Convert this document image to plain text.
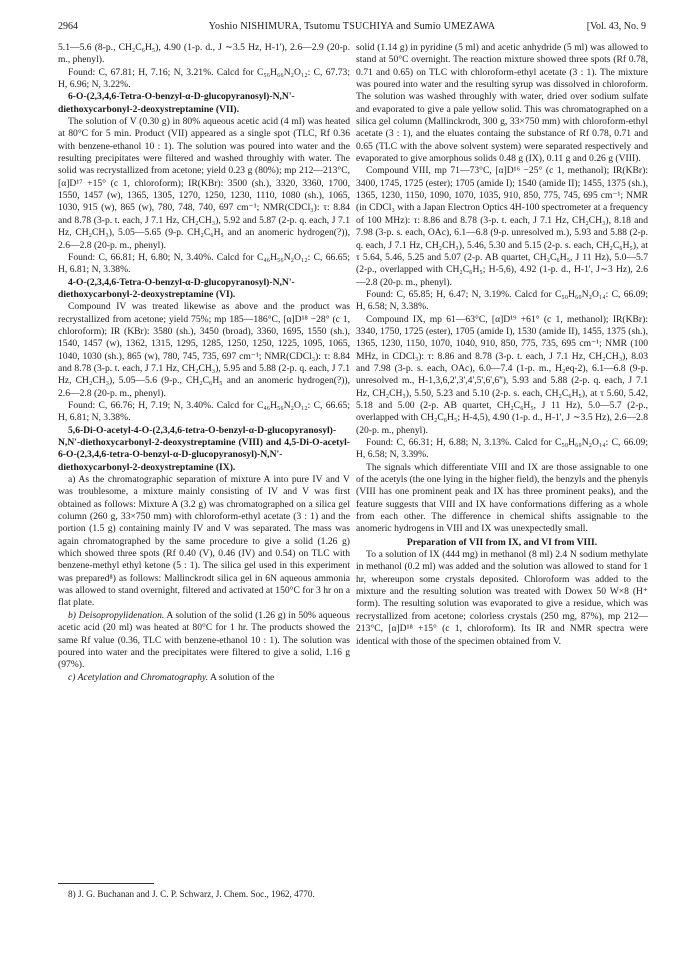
2964	Yoshio NISHIMURA, Tsutomu TSUCHIYA and Sumio UMEZAWA	[Vol. 43, No. 9

5.1—5.6 (8-p., CH₂C₆H₅), 4.90 (1-p. d., J ∼3.5 Hz, H-1'), 2.6—2.9 (20-p. m., phenyl).

Found: C, 67.81; H, 7.16; N, 3.21%. Calcd for C₅₆H₆₆N₂O₁₂: C, 67.73; H, 6.96; N, 3.22%.

6-O-(2,3,4,6-Tetra-O-benzyl-α-D-glucopyranosyl)-N,N'-diethoxycarbonyl-2-deoxystreptamine (VII).

The solution of V (0.30 g) in 80% aqueous acetic acid (4 ml) was heated at 80°C for 5 min. Product (VII) appeared as a single spot (TLC, Rf 0.36 with benzene-ethanol 10 : 1). The solution was poured into water and the resulting precipitates were filtered and washed throughly with water. The solid was recrystallized from acetone; yield 0.23 g (80%); mp 212—213°C, [α]D¹⁷ +15° (c 1, chloroform); IR(KBr): 3500 (sh.), 3320, 3360, 1700, 1550, 1457 (w), 1365, 1305, 1270, 1250, 1230, 1110, 1080 (sh.), 1065, 1030, 915 (w), 865 (w), 780, 748, 740, 697 cm⁻¹; NMR(CDCl₃): τ: 8.84 and 8.78 (3-p. t. each, J 7.1 Hz, CH₂CH₃), 5.92 and 5.87 (2-p. q. each, J 7.1 Hz, CH₂CH₃), 5.05—5.65 (9-p. CH₂C₆H₅ and an anomeric hydrogen(?)), 2.6—2.8 (20-p. m., phenyl).

Found: C, 66.81; H, 6.80; N, 3.40%. Calcd for C₄₆H₅₆N₂O₁₂: C, 66.65; H, 6.81; N, 3.38%.

4-O-(2,3,4,6-Tetra-O-benzyl-α-D-glucopyranosyl)-N,N'-diethoxycarbonyl-2-deoxystreptamine (VI).

Compound IV was treated likewise as above and the product was recrystallized from acetone; yield 75%; mp 185—186°C, [α]D¹⁸ −28° (c 1, chloroform); IR (KBr): 3580 (sh.), 3450 (broad), 3360, 1695, 1550 (sh.), 1540, 1457 (w), 1362, 1315, 1295, 1285, 1250, 1250, 1225, 1095, 1065, 1040, 1030 (sh.), 865 (w), 780, 745, 735, 697 cm⁻¹; NMR(CDCl₃): τ: 8.84 and 8.78 (3-p. t. each, J 7.1 Hz, CH₂CH₃), 5.95 and 5.88 (2-p. q. each, J 7.1 Hz, CH₂CH₃), 5.05—5.6 (9-p., CH₂C₆H₅ and an anomeric hydrogen(?)), 2.6—2.8 (20-p. m., phenyl).

Found: C, 66.76; H, 7.19; N, 3.40%. Calcd for C₄₆H₅₆N₂O₁₂: C, 66.65; H, 6.81; N, 3.38%.

5,6-Di-O-acetyl-4-O-(2,3,4,6-tetra-O-benzyl-α-D-glucopyranosyl)-N,N'-diethoxycarbonyl-2-deoxystreptamine (VIII) and 4,5-Di-O-acetyl-6-O-(2,3,4,6-tetra-O-benzyl-α-D-glucopyranosyl)-N,N'-diethoxycarbonyl-2-deoxystreptamine (IX).

a) As the chromatographic separation of mixture A into pure IV and V was troublesome, a mixture mainly consisting of IV and V was first obtained as follows: Mixture A (3.2 g) was chromatographed on a silica gel column (260 g, 33×750 mm) with chloroform-ethyl acetate (3 : 1) and the portion (1.5 g) containing mainly IV and V was separated. The mass was again chromatographed by the same procedure to give a solid (1.26 g) which showed three spots (Rf 0.40 (V), 0.46 (IV) and 0.54) on TLC with benzene-methyl ethyl ketone (5 : 1). The silica gel used in this experiment was prepared⁸) as follows: Mallinckrodt silica gel in 6N aqueous ammonia was allowed to stand overnight, filtered and activated at 150°C for 3 hr on a flat plate.

b) Deisopropylidenation. A solution of the solid (1.26 g) in 50% aqueous acetic acid (20 ml) was heated at 80°C for 1 hr. The products showed the same Rf value (0.36, TLC with benzene-ethanol 10 : 1). The solution was poured into water and the precipitates were filtered to give a solid, 1.16 g (97%).

c) Acetylation and Chromatography. A solution of the

solid (1.14 g) in pyridine (5 ml) and acetic anhydride (5 ml) was allowed to stand at 50°C overnight. The reaction mixture showed three spots (Rf 0.78, 0.71 and 0.65) on TLC with chloroform-ethyl acetate (3 : 1). The mixture was poured into water and the resulting syrup was dissolved in chloroform. The solution was washed throughly with water, dried over sodium sulfate and evaporated to give a pale yellow solid. This was chromatographed on a silica gel column (Mallinckrodt, 300 g, 33×750 mm) with chloroform-ethyl acetate (3 : 1), and the eluates containg the substance of Rf 0.78, 0.71 and 0.65 (TLC with the above solvent system) were separated respectively and evaporated to give amorphous solids 0.48 g (IX), 0.11 g and 0.26 g (VIII).

Compound VIII, mp 71—73°C, [α]D¹⁶ −25° (c 1, methanol); IR(KBr): 3400, 1745, 1725 (ester); 1705 (amide I); 1540 (amide II); 1455, 1375 (sh.), 1365, 1230, 1150, 1090, 1070, 1035, 910, 850, 775, 745, 695 cm⁻¹; NMR (in CDCl₃ with a Japan Electron Optics 4H-100 spectrometer at a frequency of 100 MHz): τ: 8.86 and 8.78 (3-p. t. each, J 7.1 Hz, CH₂CH₃), 8.18 and 7.98 (3-p. s. each, OAc), 6.1—6.8 (9-p. unresolved m.), 5.93 and 5.88 (2-p. q. each, J 7.1 Hz, CH₂CH₃), 5.46, 5.30 and 5.15 (2-p. s. each, CH₂C₆H₅), at τ 5.64, 5.46, 5.25 and 5.07 (2-p. AB quartet, CH₂C₆H₅, J 11 Hz), 5.0—5.7 (2-p., overlapped with CH₂C₆H₅; H-5,6), 4.92 (1-p. d., H-1', J∼3 Hz), 2.6—2.8 (20-p. m., phenyl).

Found: C, 65.85; H, 6.47; N, 3.19%. Calcd for C₅₀H₆₀N₂O₁₄: C, 66.09; H, 6.58; N, 3.38%.

Compound IX, mp 61—63°C, [α]D¹⁹ +61° (c 1, methanol); IR(KBr): 3340, 1750, 1725 (ester), 1705 (amide I), 1530 (amide II), 1455, 1375 (sh.), 1365, 1230, 1150, 1070, 1040, 910, 850, 775, 735, 695 cm⁻¹; NMR (100 MHz, in CDCl₃): τ: 8.86 and 8.78 (3-p. t. each, J 7.1 Hz, CH₂CH₃), 8.03 and 7.98 (3-p. s. each, OAc), 6.0—7.4 (1-p. m., H₂eq-2), 6.1—6.8 (9-p. unresolved m., H-1,3,6,2',3',4',5',6',6''), 5.93 and 5.88 (2-p. q. each, J 7.1 Hz, CH₂CH₃), 5.50, 5.23 and 5.10 (2-p. s. each, CH₂C₆H₅), at τ 5.60, 5.42, 5.18 and 5.00 (2-p. AB quartet, CH₂C₆H₅, J 11 Hz), 5.0—5.7 (2-p., overlapped with CH₂C₆H₅; H-4,5), 4.90 (1-p. d., H-1', J ∼3.5 Hz), 2.6—2.8 (20-p. m., phenyl).

Found: C, 66.31; H, 6.88; N, 3.13%. Calcd for C₅₀H₆₀N₂O₁₄: C, 66.09; H, 6.58; N, 3.39%.

The signals which differentiate VIII and IX are those assignable to one of the acetyls (the one lying in the higher field), the benzyls and the phenyls (VIII has one prominent peak and IX has three prominent peaks), and the feature suggests that VIII and IX have conformations differing as a whole from each other. The difference in chemical shifts assignable to the anomeric hydrogens in VIII and IX was unexpectedly small.

Preparation of VII from IX, and VI from VIII.

To a solution of IX (444 mg) in methanol (8 ml) 2.4 N sodium methylate in methanol (0.2 ml) was added and the solution was allowed to stand for 1 hr, whereupon some crystals deposited. Chloroform was added to the mixture and the resulting solution was treated with Dowex 50 W×8 (H⁺ form). The resulting solution was evaporated to give a residue, which was recrystallized from acetone; colorless crystals (250 mg, 87%), mp 212—213°C, [α]D¹⁸ +15° (c 1, chloroform). Its IR and NMR spectra were identical with those of the specimen obtained from V.

8) J. G. Buchanan and J. C. P. Schwarz, J. Chem. Soc., 1962, 4770.
